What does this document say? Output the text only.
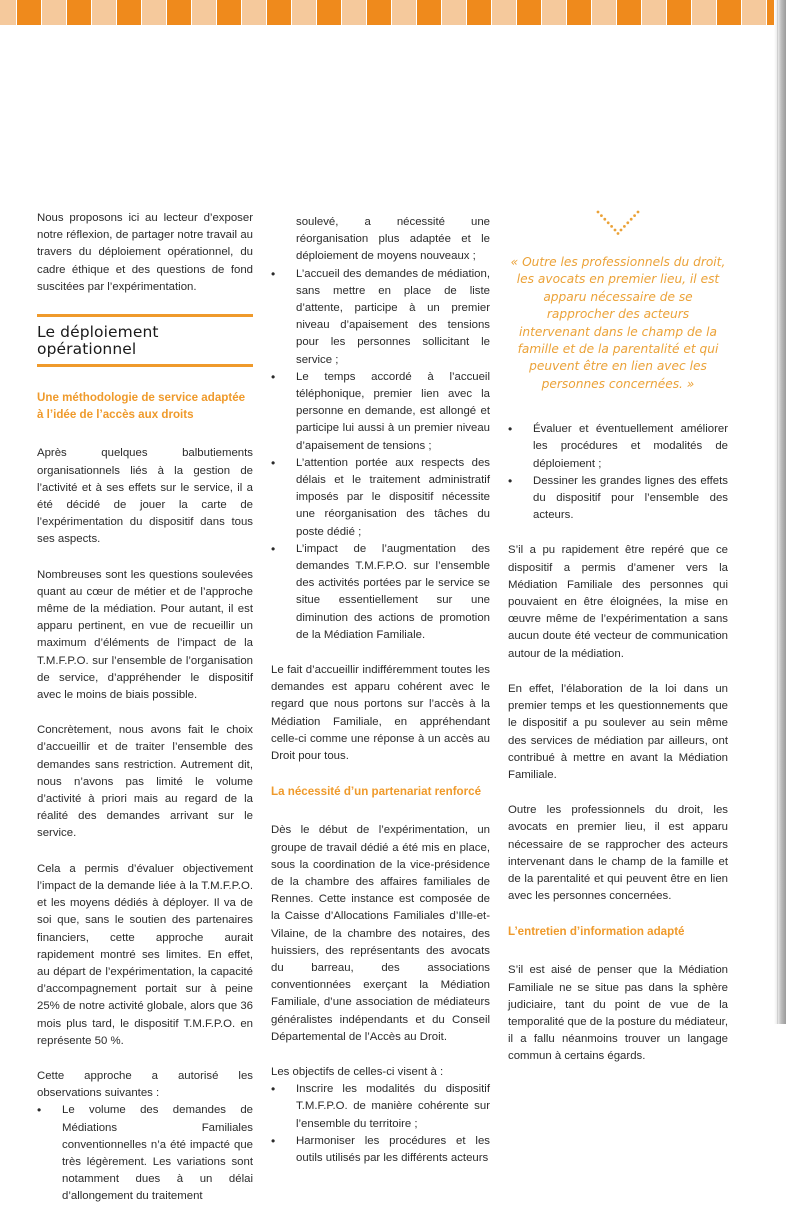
Nous proposons ici au lecteur d’exposer notre réflexion, de partager notre travail au travers du déploiement opérationnel, du cadre éthique et des questions de fond suscitées par l’expérimentation.

Le déploiement opérationnel
Une méthodologie de service adaptée à l’idée de l’accès aux droits

Après quelques balbutiements organisationnels liés à la gestion de l’activité et à ses effets sur le service, il a été décidé de jouer la carte de l’expérimentation du dispositif dans tous ses aspects.

Nombreuses sont les questions soulevées quant au cœur de métier et de l’approche même de la médiation. Pour autant, il est apparu pertinent, en vue de recueillir un maximum d’éléments de l’impact de la T.M.F.P.O. sur l’ensemble de l’organisation de service, d’appréhender le dispositif avec le moins de biais possible.

Concrètement, nous avons fait le choix d’accueillir et de traiter l’ensemble des demandes sans restriction. Autrement dit, nous n’avons pas limité le volume d’activité à priori mais au regard de la réalité des demandes arrivant sur le service.

Cela a permis d’évaluer objectivement l’impact de la demande liée à la T.M.F.P.O. et les moyens dédiés à déployer. Il va de soi que, sans le soutien des partenaires financiers, cette approche aurait rapidement montré ses limites. En effet, au départ de l’expérimentation, la capacité d’accompagnement portait sur à peine 25% de notre activité globale, alors que 36 mois plus tard, le dispositif T.M.F.P.O. en représente 50 %.

Cette approche a autorisé les observations suivantes :

• Le volume des demandes de Médiations Familiales conventionnelles n’a été impacté que très légèrement. Les variations sont notamment dues à un délai d’allongement du traitement
soulevé, a nécessité une réorganisation plus adaptée et le déploiement de moyens nouveaux ;
• L’accueil des demandes de médiation, sans mettre en place de liste d’attente, participe à un premier niveau d’apaisement des tensions pour les personnes sollicitant le service ;
• Le temps accordé à l’accueil téléphonique, premier lien avec la personne en demande, est allongé et participe lui aussi à un premier niveau d’apaisement de tensions ;
• L’attention portée aux respects des délais et le traitement administratif imposés par le dispositif nécessite une réorganisation des tâches du poste dédié ;
• L’impact de l’augmentation des demandes T.M.F.P.O. sur l’ensemble des activités portées par le service se situe essentiellement sur une diminution des actions de promotion de la Médiation Familiale.

Le fait d’accueillir indifféremment toutes les demandes est apparu cohérent avec le regard que nous portons sur l’accès à la Médiation Familiale, en appréhendant celle-ci comme une réponse à un accès au Droit pour tous.

La nécessité d’un partenariat renforcé

Dès le début de l’expérimentation, un groupe de travail dédié a été mis en place, sous la coordination de la vice-présidence de la chambre des affaires familiales de Rennes. Cette instance est composée de la Caisse d’Allocations Familiales d’Ille-et-Vilaine, de la chambre des notaires, des huissiers, des représentants des avocats du barreau, des associations conventionnées exerçant la Médiation Familiale, d’une association de médiateurs généralistes indépendants et du Conseil Départemental de l’Accès au Droit.

Les objectifs de celles-ci visent à :

• Inscrire les modalités du dispositif T.M.F.P.O. de manière cohérente sur l’ensemble du territoire ;
• Harmoniser les procédures et les outils utilisés par les différents acteurs

« Outre les professionnels du droit, les avocats en premier lieu, il est apparu nécessaire de se rapprocher des acteurs intervenant dans le champ de la famille et de la parentalité et qui peuvent être en lien avec les personnes concernées. »

• Évaluer et éventuellement améliorer les procédures et modalités de déploiement ;
• Dessiner les grandes lignes des effets du dispositif pour l’ensemble des acteurs.

S’il a pu rapidement être repéré que ce dispositif a permis d’amener vers la Médiation Familiale des personnes qui pouvaient en être éloignées, la mise en œuvre même de l’expérimentation a sans aucun doute été vecteur de communication autour de la médiation.

En effet, l’élaboration de la loi dans un premier temps et les questionnements que le dispositif a pu soulever au sein même des services de médiation par ailleurs, ont contribué à mettre en avant la Médiation Familiale.

Outre les professionnels du droit, les avocats en premier lieu, il est apparu nécessaire de se rapprocher des acteurs intervenant dans le champ de la famille et de la parentalité et qui peuvent être en lien avec les personnes concernées.

L’entretien d’information adapté

S’il est aisé de penser que la Médiation Familiale ne se situe pas dans la sphère judiciaire, tant du point de vue de la temporalité que de la posture du médiateur, il a fallu néanmoins trouver un langage commun à certains égards.
